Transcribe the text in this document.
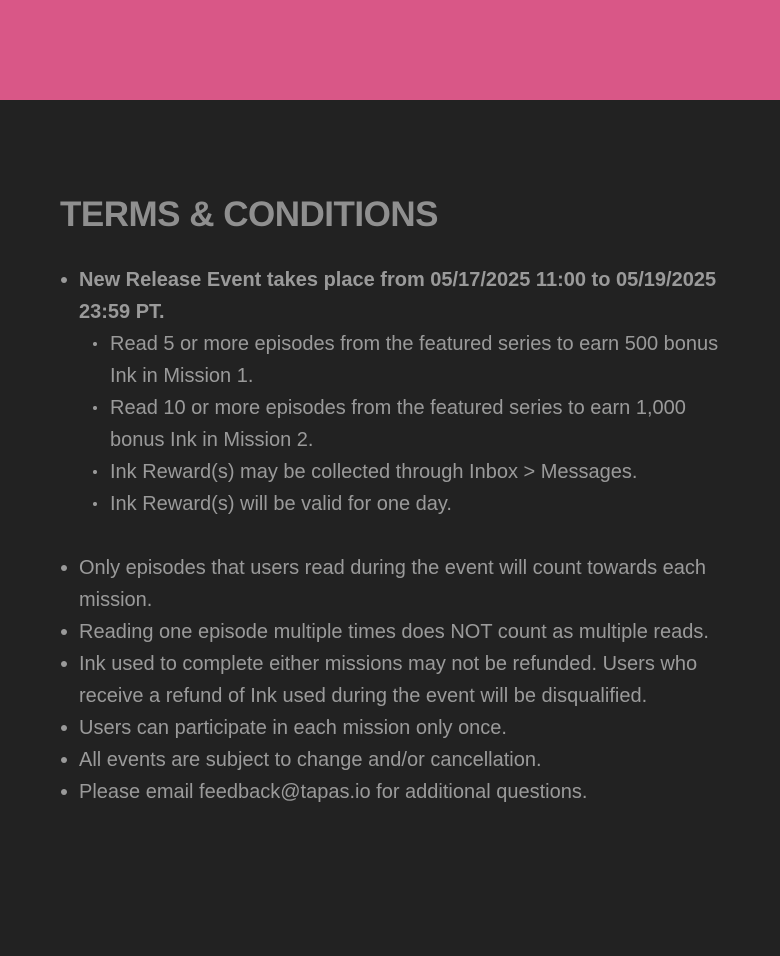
TERMS & CONDITIONS
New Release Event takes place from 05/17/2025 11:00 to 05/19/2025 23:59 PT.
Read 5 or more episodes from the featured series to earn 500 bonus Ink in Mission 1.
Read 10 or more episodes from the featured series to earn 1,000 bonus Ink in Mission 2.
Ink Reward(s) may be collected through Inbox > Messages.
Ink Reward(s) will be valid for one day.
Only episodes that users read during the event will count towards each mission.
Reading one episode multiple times does NOT count as multiple reads.
Ink used to complete either missions may not be refunded. Users who receive a refund of Ink used during the event will be disqualified.
Users can participate in each mission only once.
All events are subject to change and/or cancellation.
Please email feedback@tapas.io for additional questions.
